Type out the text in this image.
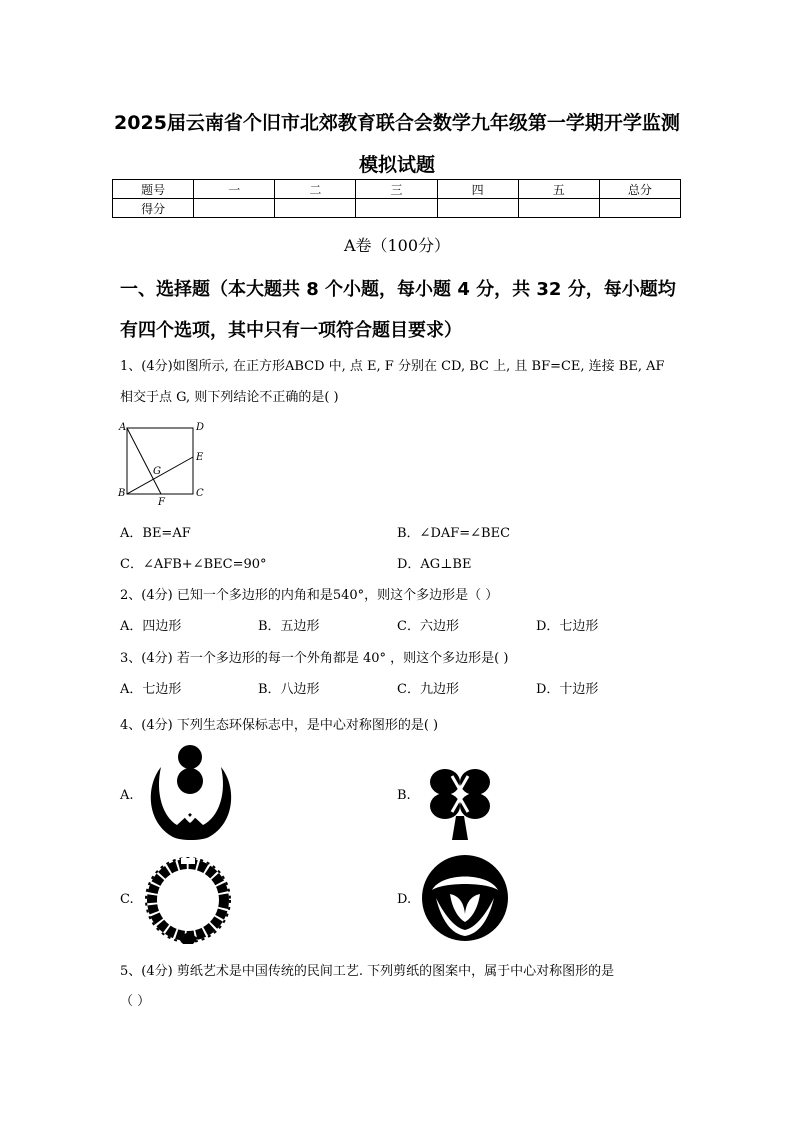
2025届云南省个旧市北郊教育联合会数学九年级第一学期开学监测
模拟试题
题号	一	二	三	四	五	总分
得分						
A卷（100分）
一、选择题（本大题共 8 个小题，每小题 4 分，共 32 分，每小题均
有四个选项，其中只有一项符合题目要求）
1、(4分)如图所示, 在正方形ABCD 中, 点 E, F 分别在 CD, BC 上, 且 BF=CE, 连接 BE, AF
相交于点 G, 则下列结论不正确的是( )
A	D
E
G
B
F
C
A．BE=AF	B．∠DAF=∠BEC
C．∠AFB+∠BEC=90°	D．AG⊥BE
2、(4分) 已知一个多边形的内角和是540°，则这个多边形是（ ）
A．四边形	B．五边形	C．六边形	D．七边形
3、(4分) 若一个多边形的每一个外角都是 40° ，则这个多边形是( )
A．七边形	B．八边形	C．九边形	D．十边形
4、(4分) 下列生态环保标志中，是中心对称图形的是( )
A.	B.
C.	D.
5、(4分) 剪纸艺术是中国传统的民间工艺. 下列剪纸的图案中，属于中心对称图形的是
（ ）
